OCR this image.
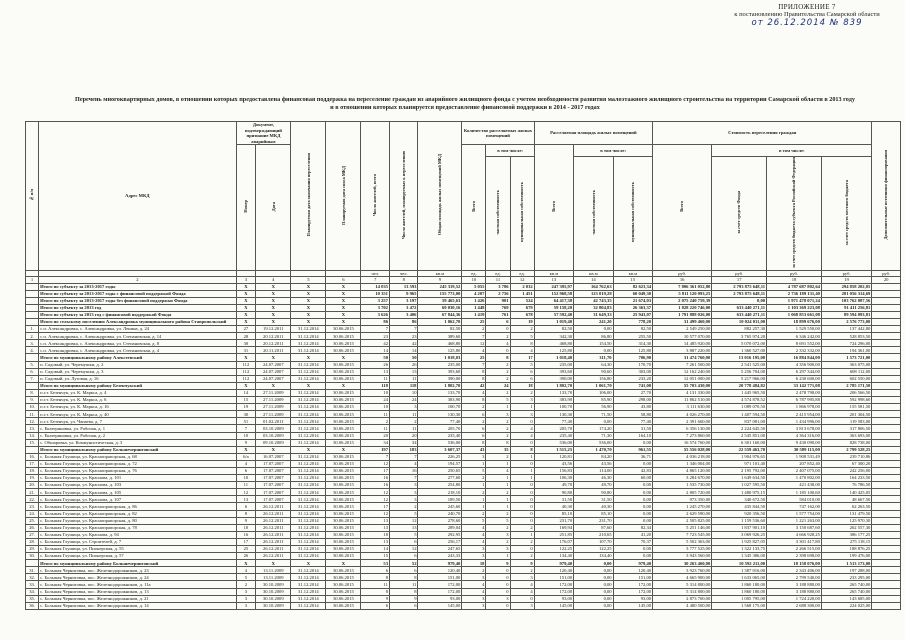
ПРИЛОЖЕНИЕ 7
к постановлению Правительства Самарской области
от 26.12.2014 № 839
Перечень многоквартирных домов, в отношении которых предоставлена финансовая поддержка на переселение граждан из аварийного жилищного фонда с учетом необходимости развития малоэтажного жилищного строительства на территории Самарской области в 2013 году
и в отношении которых планируется предоставление финансовой поддержки в 2014 - 2017 годах
№ п/п	Адрес МКД	Документ, подтверждающий признание МКД аварийным		Планируемая дата окончания переселения	Планируемая дата сноса МКД	Число жителей, всего	Число жителей, планируемых к переселению	Общая площадь жилых помещений МКД	Количество расселяемых жилых помещений			Расселяемая площадь жилых помещений			Стоимость переселения граждан				Дополнительные источники финансирования
		Номер	Дата						Всего	в том числе:		Всего	в том числе:		Всего	в том числе:			
										частная собственность	муниципальная собственность		частная собственность	муниципальная собственность		за счет средств Фонда	за счет средств бюджета субъекта Российской Федерации	за счет средств местного бюджета	
						чел.	чел.	кв.м	ед.	ед.	ед.	кв.м	кв.м	кв.м	руб.	руб.	руб.	руб.	руб.
1	2	3	4	5	6	7	8	9	10	11	12	13	14	15	16	17	18	19	20
	Итого по субъекту за 2013-2017 годы	X	X	X	X	14 035	13 593	245 319,52	5 055	3 786	2 032	247 395,97	164 762,63	82 623,34	7 806 361 052,80	2 793 875 648,11	4 787 687 802,64	294 858 202,05	
	Итого по субъекту за 2013-2017 годы с финансовой поддержкой Фонда	X	X	X	X	10 351	9 965	155 773,00	4 207	2 756	1 451	152 968,58	123 019,28	60 049,30	5 811 120 093,25	2 793 875 648,11	2 736 189 131,40	281 056 314,69	
	Итого по субъекту за 2013-2017 годы без финансовой поддержки Фонда	X	X	X	X	3 257	3 197	59 465,63	1 426	901	524	64 417,38	42 743,35	21 674,03	2 075 240 759,39	0,00	1 971 478 071,24	103 762 087,56	
	Итого по субъекту за 2013 год	X	X	X	X	3 702	3 472	69 030,16	1 448	769	679	59 158,20	32 804,83	26 363,37	1 828 220 746,00	633 440 271,11	1 103 369 223,08	91 411 256,81	
	Итого по субъекту за 2013 год с финансовой поддержкой Фонда	X	X	X	X	3 626	3 406	67 844,36	1 419	761	678	57 592,40	31 649,33	25 943,07	1 791 888 026,00	633 440 271,11	1 068 853 661,08	89 594 093,81	
	Итого по сельскому поселению Александровка муниципального района Ставропольский	X	X	X	X	86	86	1 062,70	25	6	19	1 019,40	241,20	778,20	31 499 460,00	10 024 011,00	18 899 676,00	2 576 773,00	
1.	с.п. Александровка, с. Александровка, ул. Ленина, д. 24	27	19.12.2011	31.12.2014	30.06.2015	7	7	82,50	2	0	2	82,50	0,00	82,50	2 549 250,00	882 257,30	1 529 550,00	137 442,80	
2.	с.п. Александровка, с. Александровка, ул. Степановская, д. 14	28	20.12.2011	31.12.2014	30.06.2015	23	23	389,60	7	2	5	342,30	86,80	255,50	10 577 070,00	3 765 974,20	6 346 242,00	528 853,50	
3.	с.п. Александровка, с. Александровка, ул. Степановская, д. 8	30	20.12.2011	31.12.2014	30.06.2015	42	42	468,80	12	4	8	468,80	154,50	314,30	14 485 920,00	5 070 072,00	8 691 552,00	724 296,00	
4.	с.п. Александровка, с. Александровка, ул. Степановская, д. 4	31	20.11.2011	31.12.2014	30.06.2015	14	14	125,80	4	0	4	125,80	0,00	125,80	3 887 220,00	1 360 527,00	2 332 332,00	194 361,00	
	Итого по муниципальному району Алексеевский	X	X	X	X	50	50	1 018,03	25	8	17	1 018,40	311,70	706,90	31 474 760,00	13 016 195,00	16 884 844,00	1 573 721,00	
5.	п. Садовый, ул. Черемушки, д. 2	112	24.07.2007	31.12.2014	30.06.2015	26	26	235,00	7	2	5	235,00	64,30	170,70	7 261 500,00	2 541 525,00	4 356 900,00	363 075,00	
6.	п. Садовый, ул. Черемушки, д. 3	112	24.07.2007	31.12.2014	30.06.2015	13	13	393,60	8	2	6	393,60	90,60	303,00	12 162 240,00	5 256 704,00	6 297 344,00	608 112,00	
7.	п. Садовый, ул. Луговая, д. 16	112	24.07.2007	31.12.2014	30.06.2015	11	11	390,00	8	2	6	390,00	156,80	233,20	12 051 000,00	5 217 966,00	6 230 600,00	602 550,00	
	Итого по муниципальному району Безенчукский	X	X	X	X	118	118	1 802,70	42	24	18	1 802,70	1 061,70	741,00	55 703 430,00	20 778 484,82	33 142 771,08	2 785 171,50	
8.	п.г.т. Безенчук, ул. К. Маркса, д. 4	14	27.11.2009	31.12.2014	30.06.2015	10	10	133,70	4	2	2	133,70	106,00	27,70	4 131 330,00	1 445 965,50	2 478 798,00	206 566,50	
9.	п.г.т. Безенчук, ул. К. Маркса, д. 6	15	27.11.2009	31.12.2014	30.06.2015	24	24	383,90	8	5	3	383,90	85,90	298,00	11 862 510,00	4 574 878,52	6 787 995,88	592 998,60	
10.	п.г.т. Безенчук, ул. К. Маркса, д. 16	19	27.11.2009	31.12.2014	30.06.2015	10	3	100,70	2	1	1	100,70	56,90	43,80	3 111 630,00	1 089 070,50	1 866 978,00	155 581,50	
11.	п.г.т. Безенчук, ул. К. Маркса, д. 40	30	27.11.2009	31.12.2014	30.06.2015	11	11	130,30	6	3	3	130,30	71,50	58,80	4 026 270,00	1 407 594,50	2 415 954,00	201 304,50	
12.	п.г.т. Безенчук, ул. Чапаева, д. 7	51	01.02.2011	31.12.2014	30.06.2015	2	2	77,40	2	2	0	77,40	0,00	77,40	2 391 660,00	837 081,00	1 434 996,00	119 583,00	
13.	с. Екатериновка, ул. Рабочая, д. 1	7	03.10.2009	31.12.2014	30.06.2015	11	11	205,70	6	2	4	205,70	174,20	31,50	6 356 130,00	2 224 645,50	3 813 678,00	317 806,50	
14.	с. Екатериновка, ул. Рабочая, д. 2	10	03.10.2009	31.12.2014	30.06.2015	20	20	235,40	6	2	4	235,40	71,30	164,10	7 273 860,00	2 545 851,00	4 364 316,00	363 693,00	
15.	с. Обшаровка, ул. Коммунистическая, д. 3	9	09.10.2009	31.12.2014	30.06.2015	34	34	536,00	8	8	0	536,00	536,00	0,00	16 574 760,00	6 301 160,00	9 430 090,00	828 738,00	
	Итого по муниципальному району Большечерниговский	X	X	X	X	197	183	3 607,37	43	35	8	1 515,25	1 470,70	961,55	55 556 028,00	22 559 463,70	30 589 115,00	2 799 528,25	
16.	с. Большая Глушица, ул. Краснопрапорская, д. 68	6/a	16.07.2007	31.12.2014	30.06.2015	7	7	226,25	3	2	1	120,81	84,20	36,71	4 036 218,00	1 904 976,65	1 908 531,49	239 710,86	
17.	с. Большая Глушица, ул. Краснопрапорская, д. 72	4	17.07.2007	31.12.2014	30.06.2015	12	4	194,57	1	1	0	43,56	43,56	0,00	1 346 004,00	971 101,40	207 852,40	67 300,20	
18.	с. Большая Глушица, ул. Краснопрапорская, д. 76	6	17.07.2007	31.12.2014	30.06.2015	17	16	250,65	5	4	1	156,83	114,00	42,83	4 865 120,00	2 195 792,00	2 407 075,00	242 256,00	
19.	с. Большая Глушица, ул. Краснова, д. 101	10	17.07.2007	31.12.2014	30.06.2015	16	7	277,60	2	1	1	106,30	46,30	60,00	3 284 670,00	1 649 634,50	1 470 802,00	164 233,50	
20.	с. Большая Глушица, ул. Краснова, д. 103	11	17.07.2007	31.12.2014	30.06.2015	16	3	254,80	1	1	0	49,70	49,70	0,00	1 535 730,00	1 027 595,50	421 438,00	76 786,50	
21.	с. Большая Глушица, ул. Краснова, д. 105	12	17.07.2007	31.12.2014	30.06.2015	12	3	218,10	2	2	0	90,80	90,80	0,00	2 805 720,00	1 480 975,15	1 185 100,60	140 425,05	
22.	с. Большая Глушица, ул. Краснова, д. 107	13	17.07.2007	31.12.2014	30.06.2015	12	3	189,50	1	1	0	31,50	31,50	0,00	973 350,00	340 672,50	584 010,00	48 667,50	
23.	с. Большая Глушица, ул. Краснопрапорская, д. 86	6	26.12.2011	31.12.2014	30.06.2015	17	2	245,60	1	1	0	40,30	40,30	0,00	1 245 270,00	435 844,50	747 162,00	62 263,50	
24.	с. Большая Глушица, ул. Краснопрапорская, д. 82	8	26.12.2011	31.12.2014	30.06.2015	12	5	240,70	2	2	0	85,10	85,10	0,00	2 629 590,00	920 356,50	1 577 754,00	131 479,50	
25.	с. Большая Глушица, ул. Краснопрапорская, д. 80	9	26.12.2011	31.12.2014	30.06.2015	13	12	278,60	5	5	0	231,70	231,70	0,00	2 505 825,00	1 159 536,60	1 221 263,00	125 970,30	
26.	с. Большая Глушица, ул. Краснопрапорская, д. 78	10	26.12.2011	31.12.2014	30.06.2015	13	13	289,04	4	2	2	169,94	87,60	82,34	5 251 146,00	1 837 901,10	3 150 687,60	262 557,30	
27.	с. Большая Глушица, ул. Краснова, д. 94	16	26.12.2011	31.12.2014	30.06.2015	18	5	292,95	4	3	1	251,85	210,65	41,20	7 723 545,00	3 069 926,25	4 666 928,25	386 177,25	
28.	с. Большая Глушица, ул. Строителей, д. 7	17	26.12.2011	31.12.2014	30.06.2015	13	6	256,17	4	2	2	176,07	107,70	70,37	5 502 363,00	1 925 827,05	3 301 417,80	275 118,15	
29.	с. Большая Глушица, ул. Пионерская, д. 55	25	26.12.2011	31.12.2014	30.06.2015	14	12	247,65	3	3	0	122,25	122,25	0,00	3 777 525,00	1 322 133,75	2 266 515,00	188 876,25	
30.	с. Большая Глушица, ул. Пионерская, д. 57	26	26.12.2011	31.12.2014	30.06.2015	15	6	243,33	3	1	2	134,40	134,40	0,00	3 943 560,00	1 345 386,00	2 398 698,00	199 476,00	
	Итого по муниципальному району Большечерниговский	X	X	X	X	53	52	979,40	18	9	9	979,40	0,00	979,40	30 263 460,00	10 592 211,00	18 158 076,00	1 513 173,00	
31.	с. Большая Черниговка, пос. Железнодорожников, д. 23	4	13.11.2009	31.12.2014	30.06.2015	6	6	120,40	2	0	2	120,40	0,00	120,40	3 923 760,00	1 387 016,00	2 343 406,00	197 288,00	
32.	с. Большая Черниговка, пос. Железнодорожников, д. 24	5	13.11.2009	31.12.2014	30.06.2015	8	8	151,00	3	0	3	151,00	0,00	151,00	4 665 900,00	1 633 065,00	2 799 540,00	233 295,00	
33.	с. Большая Черниговка, пос. Железнодорожников, д. 11а	2	30.10.2009	31.12.2014	30.06.2015	11	11	172,00	4	0	4	172,00	0,00	172,00	5 314 800,00	1 860 180,00	3 188 880,00	265 740,00	
34.	с. Большая Черниговка, пос. Железнодорожников, д. 13	3	30.10.2009	31.12.2014	30.06.2015	8	8	172,00	4	0	4	172,00	0,00	172,00	5 314 800,00	1 860 180,00	3 188 880,00	265 740,00	
35.	с. Большая Черниговка, пос. Железнодорожников, д. 21	3	30.10.2009	31.12.2014	30.06.2015	9	9	93,00	3	3	0	93,00	0,00	93,00	2 873 700,00	1 005 795,00	1 724 220,00	143 685,00	
36.	с. Большая Черниговка, пос. Железнодорожников, д. 14	3	30.10.2009	31.12.2014	30.06.2015	6	6	145,00	3	0	3	145,00	0,00	145,00	4 480 500,00	1 568 175,00	2 688 300,00	224 025,00	
